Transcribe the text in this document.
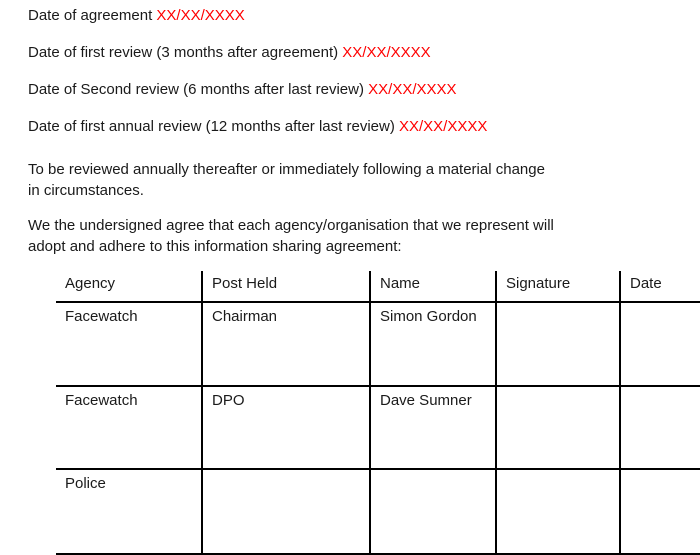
Date of agreement XX/XX/XXXX

Date of first review (3 months after agreement) XX/XX/XXXX

Date of Second review (6 months after last review) XX/XX/XXXX

Date of first annual review (12 months after last review) XX/XX/XXXX

To be reviewed annually thereafter or immediately following a material change
in circumstances.
We the undersigned agree that each agency/organisation that we represent will
adopt and adhere to this information sharing agreement:
Agency	Post Held	Name	Signature	Date
Facewatch	Chairman	Simon Gordon		
Facewatch	DPO	Dave Sumner		
Police				
